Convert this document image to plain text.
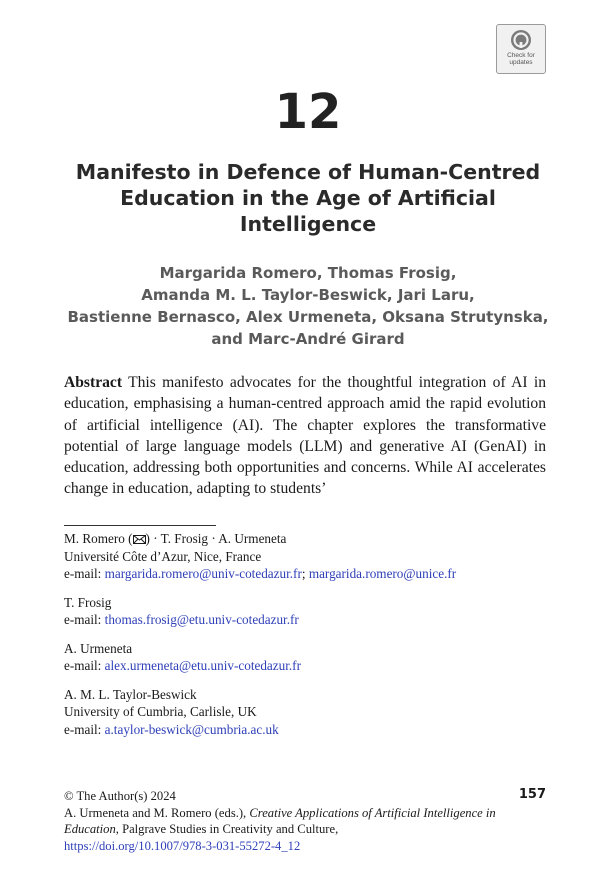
Check for
updates
12
Manifesto in Defence of Human-Centred
Education in the Age of Artificial
Intelligence
Margarida Romero, Thomas Frosig,
Amanda M. L. Taylor-Beswick, Jari Laru,
Bastienne Bernasco, Alex Urmeneta, Oksana Strutynska,
and Marc-André Girard

Abstract This manifesto advocates for the thoughtful integration of AI in education, emphasising a human-centred approach amid the rapid evolution of artificial intelligence (AI). The chapter explores the transformative potential of large language models (LLM) and generative AI (GenAI) in education, addressing both opportunities and concerns. While AI accelerates change in education, adapting to students’

M. Romero ( ) · T. Frosig · A. Urmeneta
Université Côte d’Azur, Nice, France
e-mail: margarida.romero@univ-cotedazur.fr; margarida.romero@unice.fr
T. Frosig
e-mail: thomas.frosig@etu.univ-cotedazur.fr
A. Urmeneta
e-mail: alex.urmeneta@etu.univ-cotedazur.fr
A. M. L. Taylor-Beswick
University of Cumbria, Carlisle, UK
e-mail: a.taylor-beswick@cumbria.ac.uk
157
© The Author(s) 2024
A. Urmeneta and M. Romero (eds.), Creative Applications of Artificial Intelligence in
Education, Palgrave Studies in Creativity and Culture,
https://doi.org/10.1007/978-3-031-55272-4_12
